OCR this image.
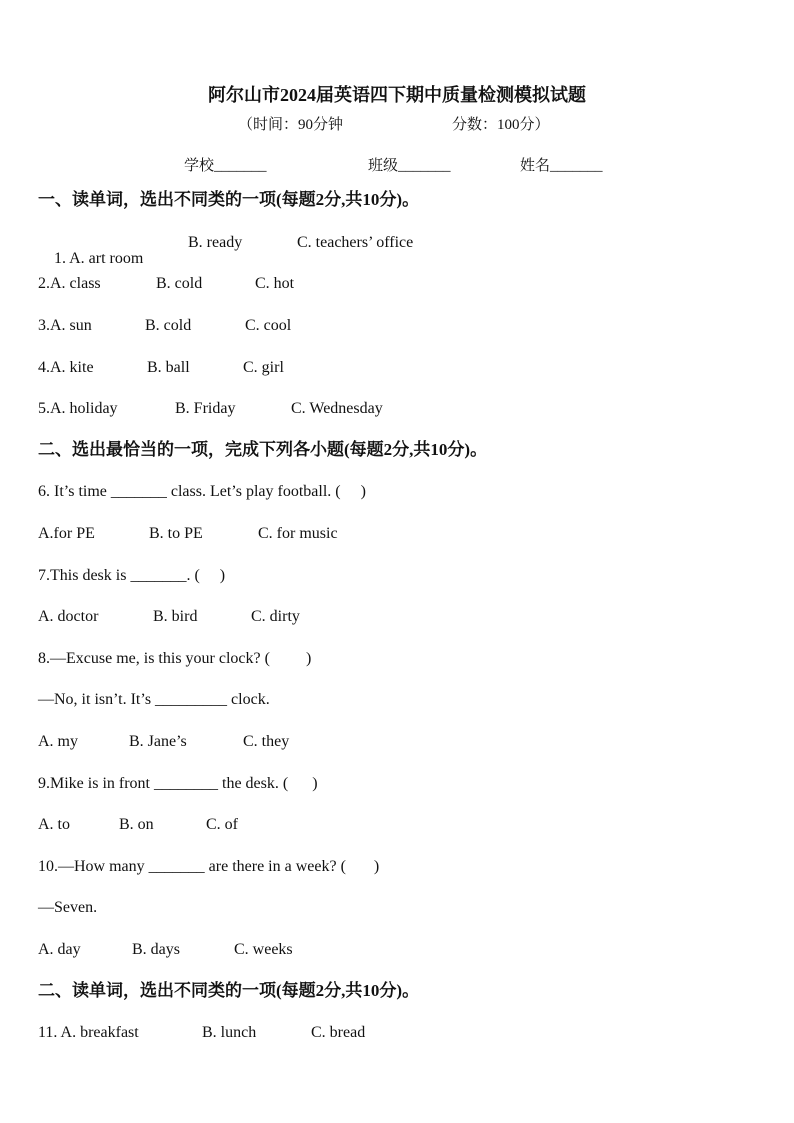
阿尔山市2024届英语四下期中质量检测模拟试题
（时间：90分钟	分数：100分）
学校_______	班级_______	姓名_______
一、读单词，选出不同类的一项(每题2分,共10分)。

1. A. art room

B. ready	C. teachers’ office
2.A. class	B. cold	C. hot
3.A. sun	B. cold	C. cool
4.A. kite	B. ball	C. girl
5.A. holiday	B. Friday	C. Wednesday
二、选出最恰当的一项，完成下列各小题(每题2分,共10分)。
6. It’s time _______ class. Let’s play football. (     )
A.for PE	B. to PE	C. for music
7.This desk is _______. (     )
A. doctor	B. bird	C. dirty
8.—Excuse me, is this your clock? (         )
—No, it isn’t. It’s _________ clock.
A. my	B. Jane’s	C. they
9.Mike is in front ________ the desk. (      )
A. to	B. on	C. of
10.—How many _______ are there in a week? (       )
—Seven.
A. day	B. days	C. weeks
二、读单词，选出不同类的一项(每题2分,共10分)。
11. A. breakfast	B. lunch	C. bread
